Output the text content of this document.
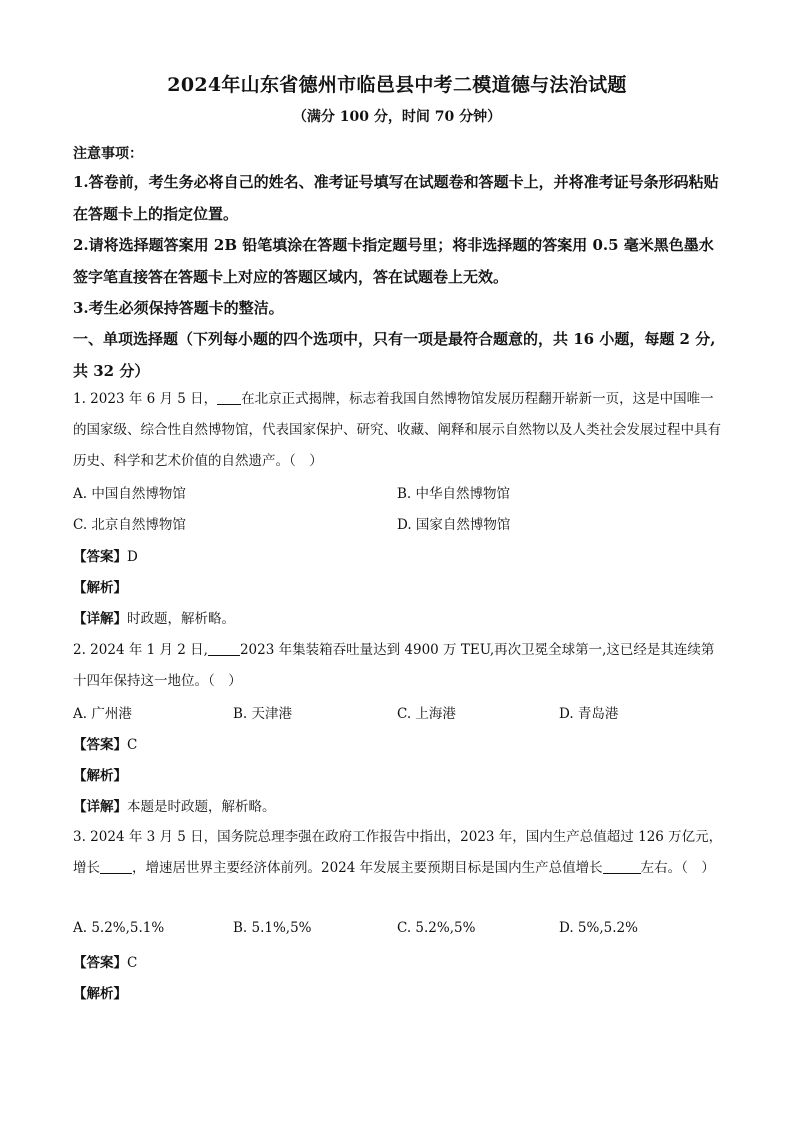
2024年山东省德州市临邑县中考二模道德与法治试题
（满分 100 分，时间 70 分钟）
注意事项：
1.答卷前，考生务必将自己的姓名、准考证号填写在试题卷和答题卡上，并将准考证号条形码粘贴在答题卡上的指定位置。
2.请将选择题答案用 2B 铅笔填涂在答题卡指定题号里；将非选择题的答案用 0.5 毫米黑色墨水签字笔直接答在答题卡上对应的答题区域内，答在试题卷上无效。
3.考生必须保持答题卡的整洁。
一、单项选择题（下列每小题的四个选项中，只有一项是最符合题意的，共 16 小题，每题 2 分,共 32 分）
1. 2023 年 6 月 5 日， 在北京正式揭牌，标志着我国自然博物馆发展历程翻开崭新一页，这是中国唯一的国家级、综合性自然博物馆，代表国家保护、研究、收藏、阐释和展示自然物以及人类社会发展过程中具有历史、科学和艺术价值的自然遗产。（　）
A. 中国自然博物馆	B. 中华自然博物馆
C. 北京自然博物馆	D. 国家自然博物馆
【答案】D
【解析】
【详解】时政题，解析略。
2. 2024 年 1 月 2 日, 2023 年集装箱吞吐量达到 4900 万 TEU,再次卫冕全球第一,这已经是其连续第十四年保持这一地位。（　）
A. 广州港	B. 天津港	C. 上海港	D. 青岛港
【答案】C
【解析】
【详解】本题是时政题，解析略。
3. 2024 年 3 月 5 日，国务院总理李强在政府工作报告中指出，2023 年，国内生产总值超过 126 万亿元，增长 ，增速居世界主要经济体前列。2024 年发展主要预期目标是国内生产总值增长	左右。（　）
A. 5.2%,5.1%	B. 5.1%,5%	C. 5.2%,5%	D. 5%,5.2%
【答案】C
【解析】
